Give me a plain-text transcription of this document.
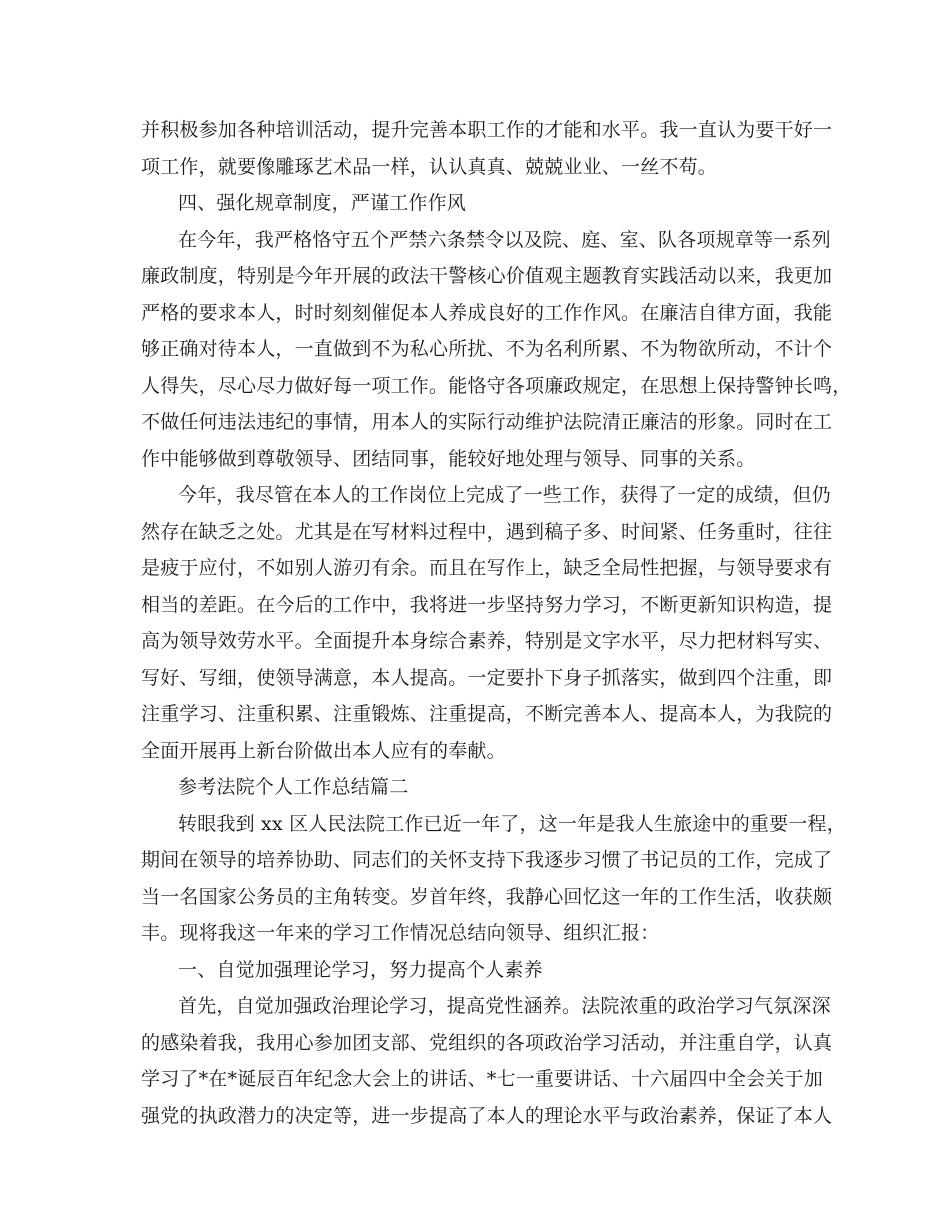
并积极参加各种培训活动，提升完善本职工作的才能和水平。我一直认为要干好一
项工作，就要像雕琢艺术品一样，认认真真、兢兢业业、一丝不苟。
四、强化规章制度，严谨工作作风
在今年，我严格恪守五个严禁六条禁令以及院、庭、室、队各项规章等一系列
廉政制度，特别是今年开展的政法干警核心价值观主题教育实践活动以来，我更加
严格的要求本人，时时刻刻催促本人养成良好的工作作风。在廉洁自律方面，我能
够正确对待本人，一直做到不为私心所扰、不为名利所累、不为物欲所动，不计个
人得失，尽心尽力做好每一项工作。能恪守各项廉政规定，在思想上保持警钟长鸣，
不做任何违法违纪的事情，用本人的实际行动维护法院清正廉洁的形象。同时在工
作中能够做到尊敬领导、团结同事，能较好地处理与领导、同事的关系。
今年，我尽管在本人的工作岗位上完成了一些工作，获得了一定的成绩，但仍
然存在缺乏之处。尤其是在写材料过程中，遇到稿子多、时间紧、任务重时，往往
是疲于应付，不如别人游刃有余。而且在写作上，缺乏全局性把握，与领导要求有
相当的差距。在今后的工作中，我将进一步坚持努力学习，不断更新知识构造，提
高为领导效劳水平。全面提升本身综合素养，特别是文字水平，尽力把材料写实、
写好、写细，使领导满意，本人提高。一定要扑下身子抓落实，做到四个注重，即
注重学习、注重积累、注重锻炼、注重提高，不断完善本人、提高本人，为我院的
全面开展再上新台阶做出本人应有的奉献。
参考法院个人工作总结篇二
转眼我到 xx 区人民法院工作已近一年了，这一年是我人生旅途中的重要一程，
期间在领导的培养协助、同志们的关怀支持下我逐步习惯了书记员的工作，完成了
当一名国家公务员的主角转变。岁首年终，我静心回忆这一年的工作生活，收获颇
丰。现将我这一年来的学习工作情况总结向领导、组织汇报：
一、自觉加强理论学习，努力提高个人素养
首先，自觉加强政治理论学习，提高党性涵养。法院浓重的政治学习气氛深深
的感染着我，我用心参加团支部、党组织的各项政治学习活动，并注重自学，认真
学习了*在*诞辰百年纪念大会上的讲话、*七一重要讲话、十六届四中全会关于加
强党的执政潜力的决定等，进一步提高了本人的理论水平与政治素养，保证了本人
